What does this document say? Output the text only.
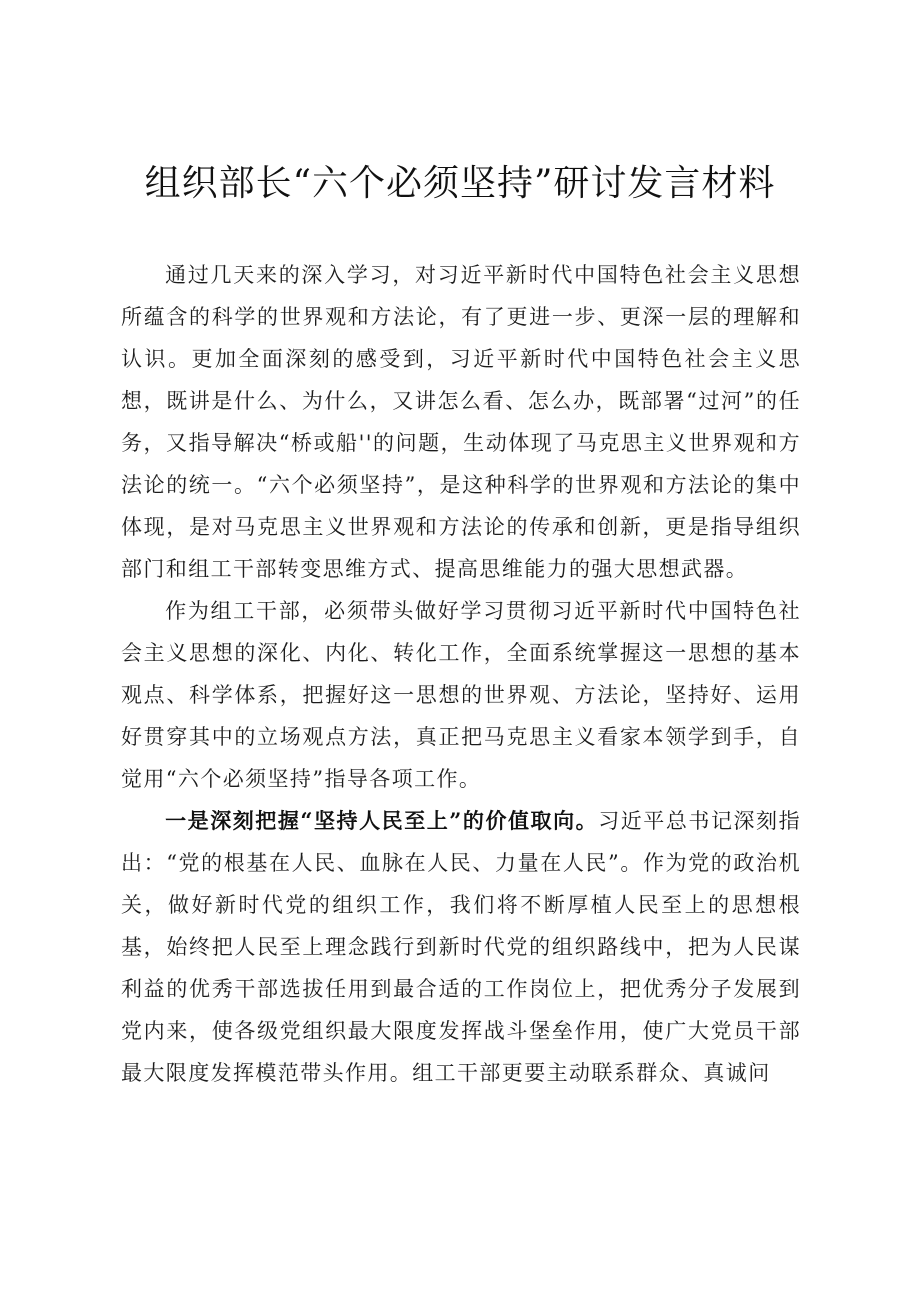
组织部长“六个必须坚持”研讨发言材料

通过几天来的深入学习，对习近平新时代中国特色社会主义思想所蕴含的科学的世界观和方法论，有了更进一步、更深一层的理解和认识。更加全面深刻的感受到，习近平新时代中国特色社会主义思想，既讲是什么、为什么，又讲怎么看、怎么办，既部署“过河”的任务，又指导解决“桥或船''的问题，生动体现了马克思主义世界观和方法论的统一。“六个必须坚持”，是这种科学的世界观和方法论的集中体现，是对马克思主义世界观和方法论的传承和创新，更是指导组织部门和组工干部转变思维方式、提高思维能力的强大思想武器。

作为组工干部，必须带头做好学习贯彻习近平新时代中国特色社会主义思想的深化、内化、转化工作，全面系统掌握这一思想的基本观点、科学体系，把握好这一思想的世界观、方法论，坚持好、运用好贯穿其中的立场观点方法，真正把马克思主义看家本领学到手，自觉用“六个必须坚持”指导各项工作。

一是深刻把握“坚持人民至上”的价值取向。习近平总书记深刻指出：“党的根基在人民、血脉在人民、力量在人民”。作为党的政治机关，做好新时代党的组织工作，我们将不断厚植人民至上的思想根基，始终把人民至上理念践行到新时代党的组织路线中，把为人民谋利益的优秀干部选拔任用到最合适的工作岗位上，把优秀分子发展到党内来，使各级党组织最大限度发挥战斗堡垒作用，使广大党员干部最大限度发挥模范带头作用。组工干部更要主动联系群众、真诚问
